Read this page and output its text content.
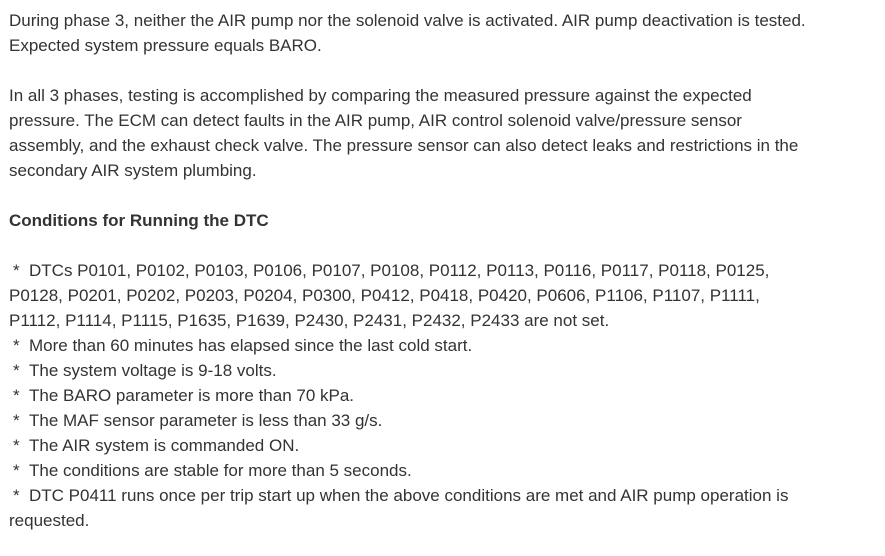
During phase 3, neither the AIR pump nor the solenoid valve is activated. AIR pump deactivation is tested. Expected system pressure equals BARO.

In all 3 phases, testing is accomplished by comparing the measured pressure against the expected pressure. The ECM can detect faults in the AIR pump, AIR control solenoid valve/pressure sensor assembly, and the exhaust check valve. The pressure sensor can also detect leaks and restrictions in the secondary AIR system plumbing.

Conditions for Running the DTC

* DTCs P0101, P0102, P0103, P0106, P0107, P0108, P0112, P0113, P0116, P0117, P0118, P0125, P0128, P0201, P0202, P0203, P0204, P0300, P0412, P0418, P0420, P0606, P1106, P1107, P1111, P1112, P1114, P1115, P1635, P1639, P2430, P2431, P2432, P2433 are not set.
* More than 60 minutes has elapsed since the last cold start.
* The system voltage is 9-18 volts.
* The BARO parameter is more than 70 kPa.
* The MAF sensor parameter is less than 33 g/s.
* The AIR system is commanded ON.
* The conditions are stable for more than 5 seconds.
* DTC P0411 runs once per trip start up when the above conditions are met and AIR pump operation is requested.
